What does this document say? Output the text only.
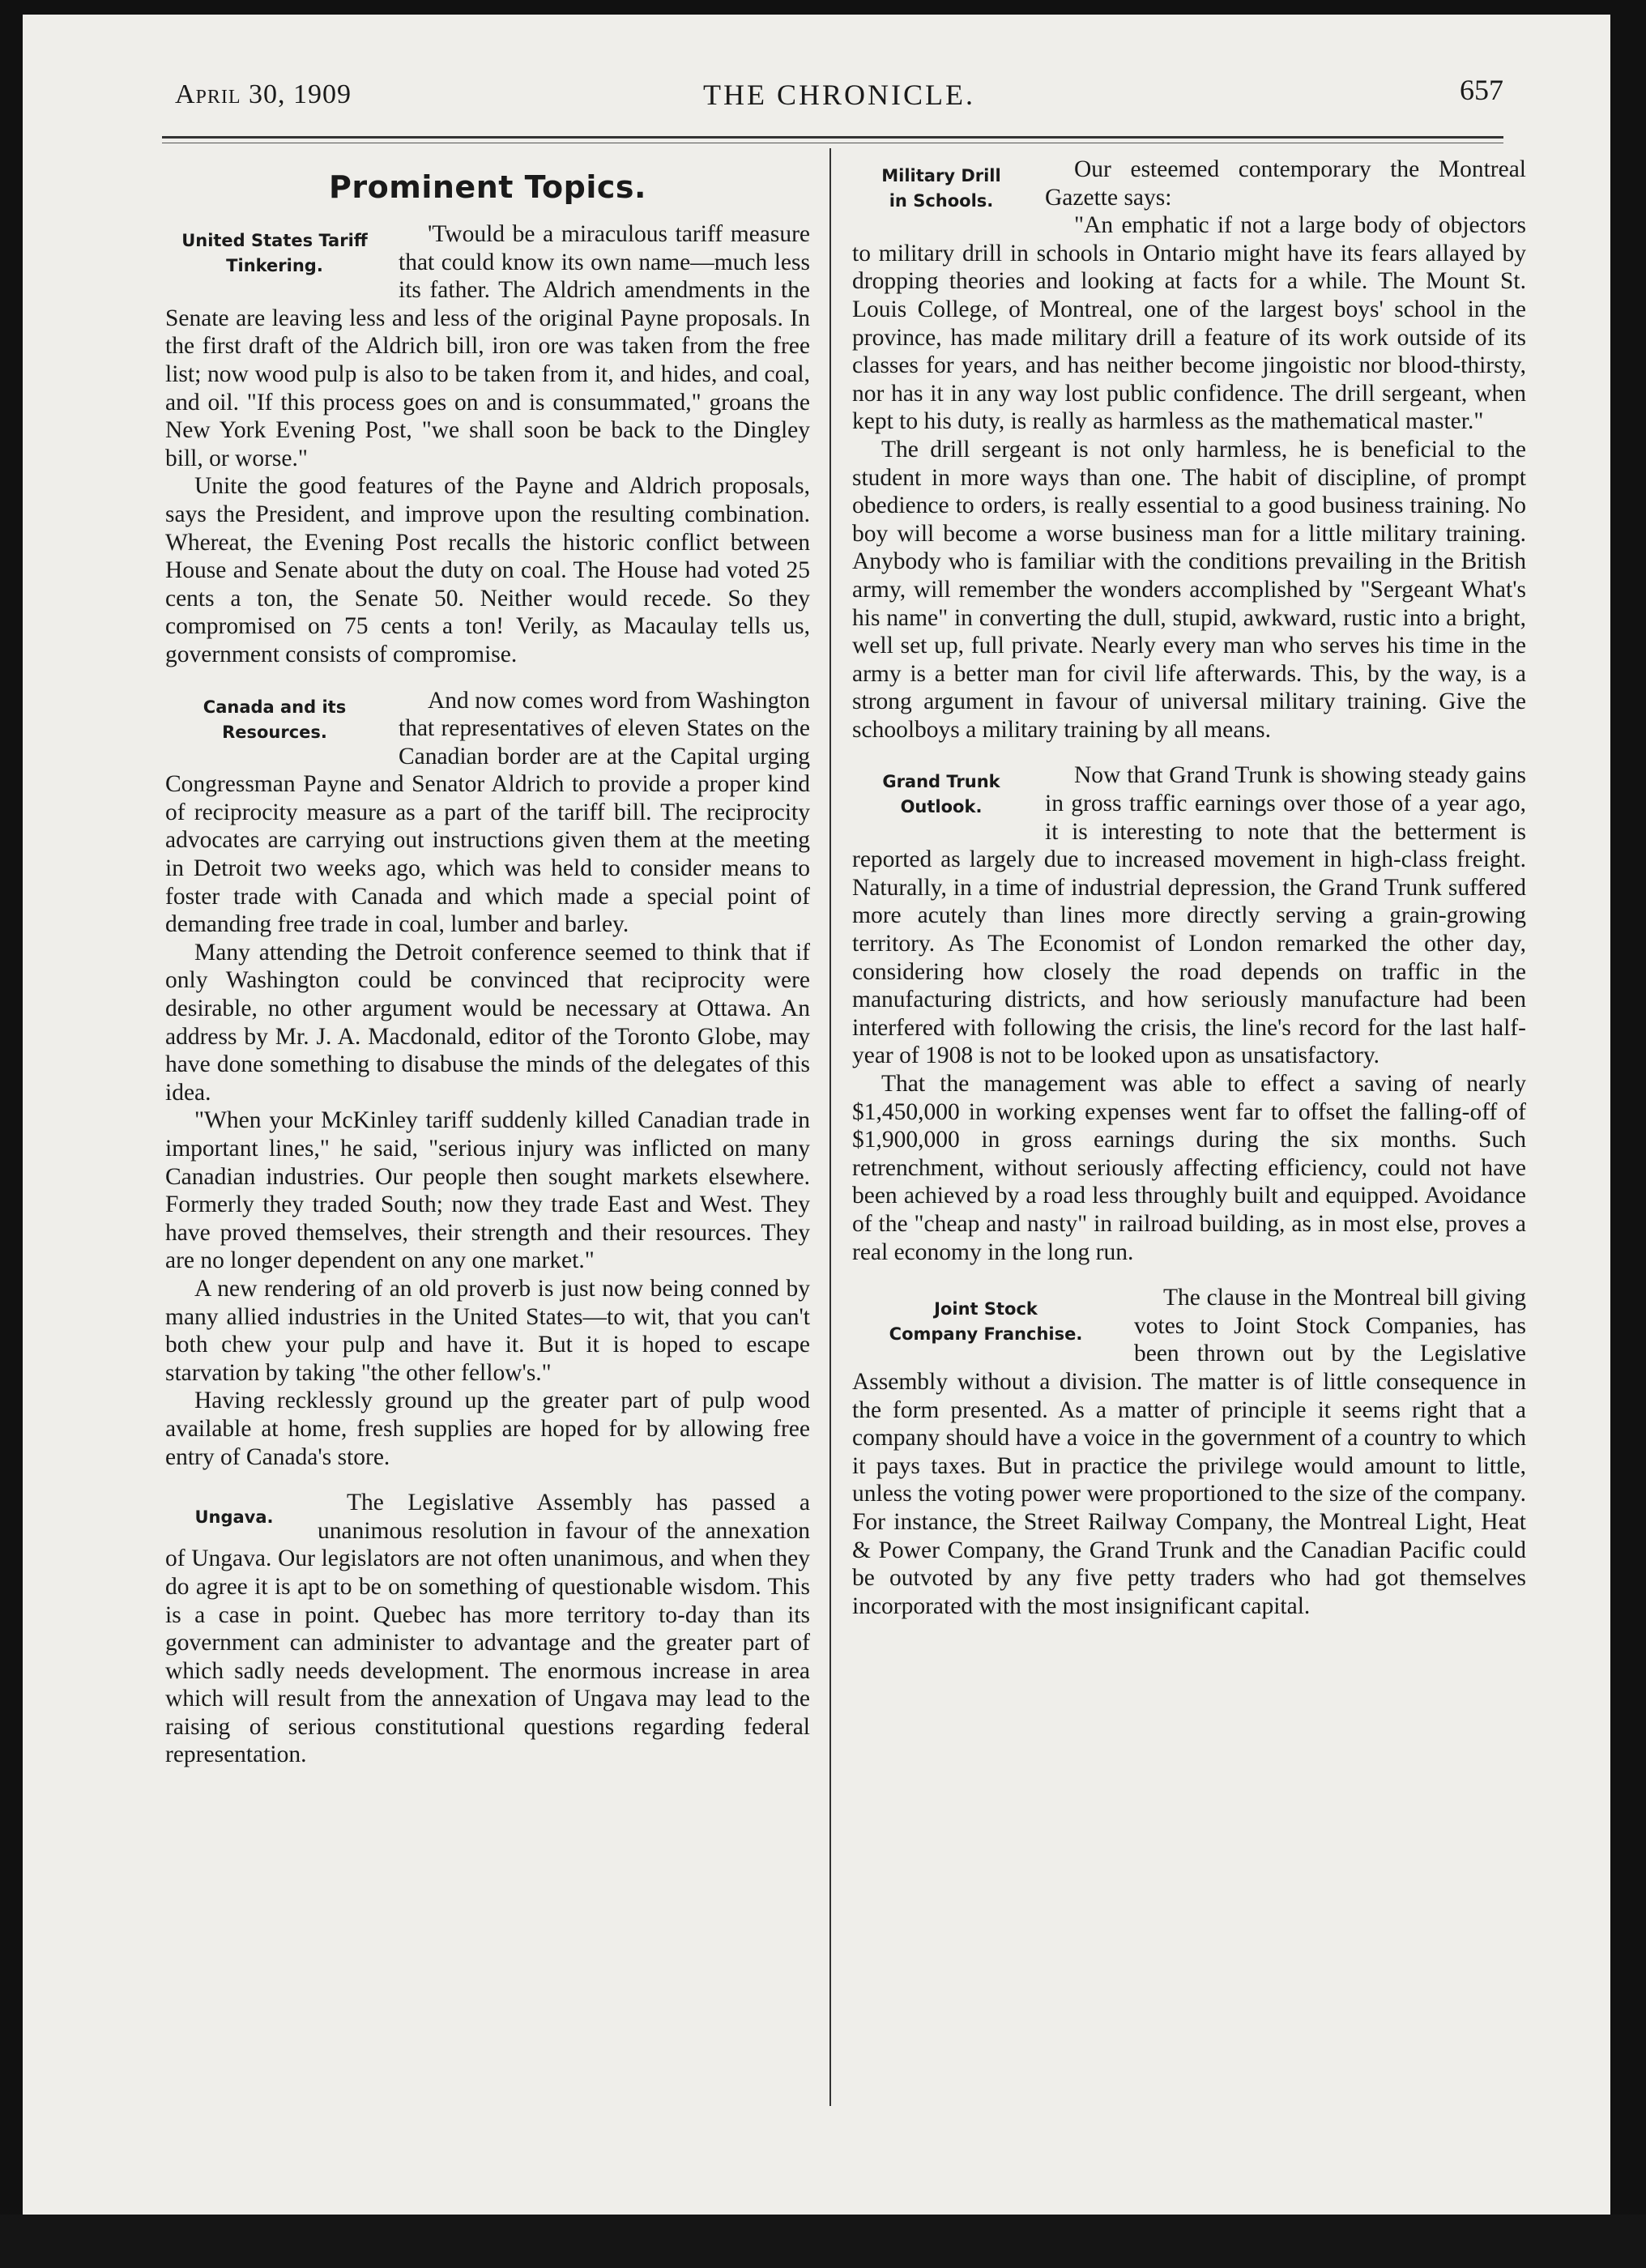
April 30, 1909	THE CHRONICLE.	657
Prominent Topics.
United States Tariff
Tinkering.

'Twould be a miraculous tariff measure that could know its own name—much less its father. The Aldrich amendments in the Senate are leaving less and less of the original Payne proposals. In the first draft of the Aldrich bill, iron ore was taken from the free list; now wood pulp is also to be taken from it, and hides, and coal, and oil. "If this process goes on and is consummated," groans the New York Evening Post, "we shall soon be back to the Dingley bill, or worse."

Unite the good features of the Payne and Aldrich proposals, says the President, and improve upon the resulting combination. Whereat, the Evening Post recalls the historic conflict between House and Senate about the duty on coal. The House had voted 25 cents a ton, the Senate 50. Neither would recede. So they compromised on 75 cents a ton! Verily, as Macaulay tells us, government consists of compromise.

Canada and its
Resources.

And now comes word from Washington that representatives of eleven States on the Canadian border are at the Capital urging Congressman Payne and Senator Aldrich to provide a proper kind of reciprocity measure as a part of the tariff bill. The reciprocity advocates are carrying out instructions given them at the meeting in Detroit two weeks ago, which was held to consider means to foster trade with Canada and which made a special point of demanding free trade in coal, lumber and barley.

Many attending the Detroit conference seemed to think that if only Washington could be convinced that reciprocity were desirable, no other argument would be necessary at Ottawa. An address by Mr. J. A. Macdonald, editor of the Toronto Globe, may have done something to disabuse the minds of the delegates of this idea.

"When your McKinley tariff suddenly killed Canadian trade in important lines," he said, "serious injury was inflicted on many Canadian industries. Our people then sought markets elsewhere. Formerly they traded South; now they trade East and West. They have proved themselves, their strength and their resources. They are no longer dependent on any one market."

A new rendering of an old proverb is just now being conned by many allied industries in the United States—to wit, that you can't both chew your pulp and have it. But it is hoped to escape starvation by taking "the other fellow's."

Having recklessly ground up the greater part of pulp wood available at home, fresh supplies are hoped for by allowing free entry of Canada's store.

Ungava.

The Legislative Assembly has passed a unanimous resolution in favour of the annexation of Ungava. Our legislators are not often unanimous, and when they do agree it is apt to be on something of questionable wisdom. This is a case in point. Quebec has more territory to-day than its government can administer to advantage and the greater part of which sadly needs development. The enormous increase in area which will result from the annexation of Ungava may lead to the raising of serious constitutional questions regarding federal representation.

Military Drill
in Schools.

Our esteemed contemporary the Montreal Gazette says:

"An emphatic if not a large body of objectors to military drill in schools in Ontario might have its fears allayed by dropping theories and looking at facts for a while. The Mount St. Louis College, of Montreal, one of the largest boys' school in the province, has made military drill a feature of its work outside of its classes for years, and has neither become jingoistic nor blood-thirsty, nor has it in any way lost public confidence. The drill sergeant, when kept to his duty, is really as harmless as the mathematical master."

The drill sergeant is not only harmless, he is beneficial to the student in more ways than one. The habit of discipline, of prompt obedience to orders, is really essential to a good business training. No boy will become a worse business man for a little military training. Anybody who is familiar with the conditions prevailing in the British army, will remember the wonders accomplished by "Sergeant What's his name" in converting the dull, stupid, awkward, rustic into a bright, well set up, full private. Nearly every man who serves his time in the army is a better man for civil life afterwards. This, by the way, is a strong argument in favour of universal military training. Give the schoolboys a military training by all means.

Grand Trunk
Outlook.

Now that Grand Trunk is showing steady gains in gross traffic earnings over those of a year ago, it is interesting to note that the betterment is reported as largely due to increased movement in high-class freight. Naturally, in a time of industrial depression, the Grand Trunk suffered more acutely than lines more directly serving a grain-growing territory. As The Economist of London remarked the other day, considering how closely the road depends on traffic in the manufacturing districts, and how seriously manufacture had been interfered with following the crisis, the line's record for the last half-year of 1908 is not to be looked upon as unsatisfactory.

That the management was able to effect a saving of nearly $1,450,000 in working expenses went far to offset the falling-off of $1,900,000 in gross earnings during the six months. Such retrenchment, without seriously affecting efficiency, could not have been achieved by a road less throughly built and equipped. Avoidance of the "cheap and nasty" in railroad building, as in most else, proves a real economy in the long run.

Joint Stock
Company Franchise.

The clause in the Montreal bill giving votes to Joint Stock Companies, has been thrown out by the Legislative Assembly without a division. The matter is of little consequence in the form presented. As a matter of principle it seems right that a company should have a voice in the government of a country to which it pays taxes. But in practice the privilege would amount to little, unless the voting power were proportioned to the size of the company. For instance, the Street Railway Company, the Montreal Light, Heat & Power Company, the Grand Trunk and the Canadian Pacific could be outvoted by any five petty traders who had got themselves incorporated with the most insignificant capital.
